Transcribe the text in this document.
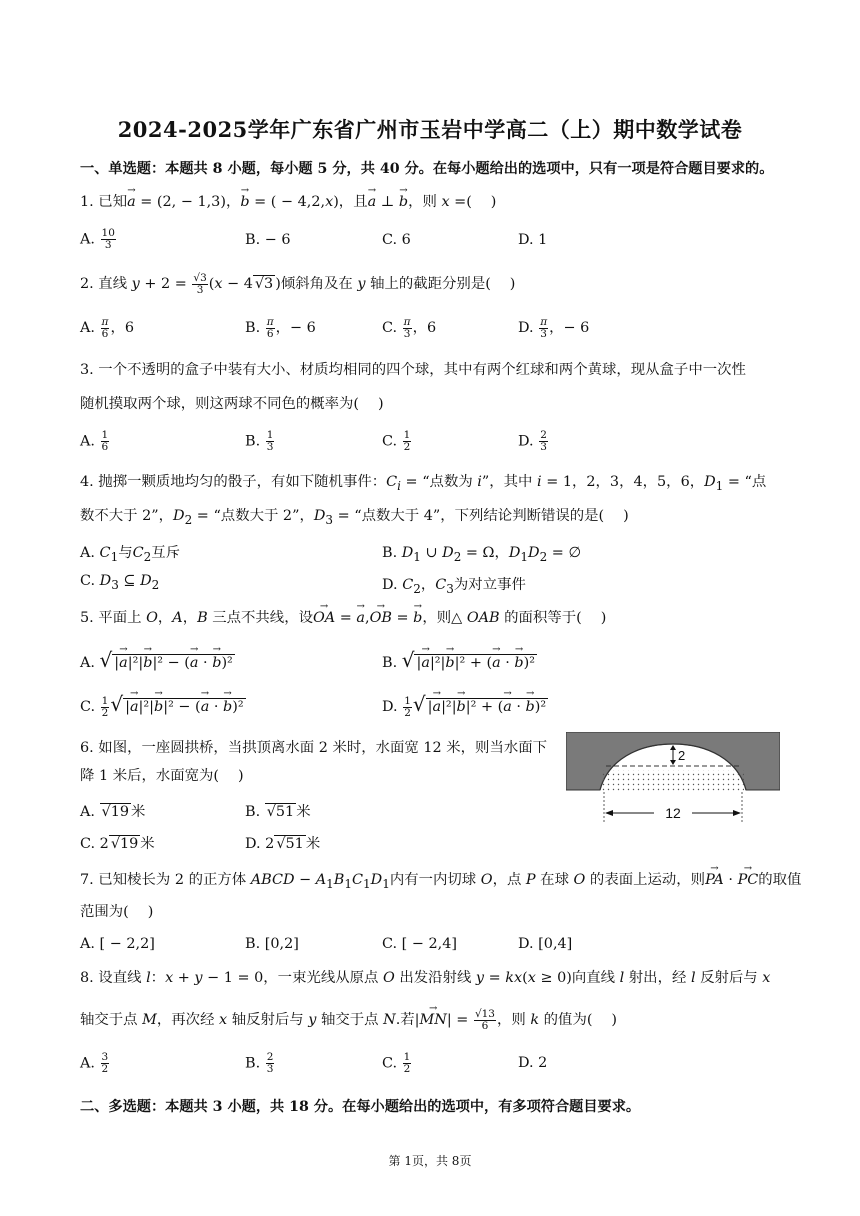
2024-2025学年广东省广州市玉岩中学高二（上）期中数学试卷
一、单选题：本题共 8 小题，每小题 5 分，共 40 分。在每小题给出的选项中，只有一项是符合题目要求的。
1. 已知→ a = (2, − 1,3)，→ b = ( − 4,2,x)，且→ a ⊥ → b，则 x =(　 )
A. $\frac{10}{3}$	B. − 6	C. 6	D. 1
2. 直线 $y + 2 = \frac{√3}{3} (x - 4$ √3 )倾斜角及在 y 轴上的截距分别是(　 )
A. $\frac{\pi}{6}$ ，6	B. $\frac{\pi}{6}$ ，− 6	C. $\frac{\pi}{3}$ ，6	D. $\frac{\pi}{3}$ ，− 6
3. 一个不透明的盒子中装有大小、材质均相同的四个球，其中有两个红球和两个黄球，现从盒子中一次性
随机摸取两个球，则这两球不同色的概率为(　 )
A. $\frac{1}{6}$	B. $\frac{1}{3}$	C. $\frac{1}{2}$	D. $\frac{2}{3}$
4. 抛掷一颗质地均匀的骰子，有如下随机事件：$C_i$ = “点数为 i”，其中 i = 1，2，3，4，5，6，$D_1$ = “点
数不大于 2”，$D_2$ = “点数大于 2”，$D_3$ = “点数大于 4”，下列结论判断错误的是(　 )
A. $C_1$与$C_2$互斥	B. $D_1$ ∪ $D_2 = \Omega$，$D_1D_2$ = ∅
C. $D_3$ ⊆ $D_2$	D. $C_2$，$C_3$为对立事件
5. 平面上 O，A，B 三点不共线，设→ OA = → a,→ OB = → b，则△ OAB 的面积等于(　 )
A. √ |→ a|²|→ b|² − (→ a · → b)²	B. √ |→ a|²|→ b|² + (→ a · → b)²
C. $\frac{1}{2}$ √ |→ a|²|→ b|² − (→ a · → b)²	D. $\frac{1}{2}$ √ |→ a|²|→ b|² + (→ a · → b)²
6. 如图，一座圆拱桥，当拱顶离水面 2 米时，水面宽 12 米，则当水面下
降 1 米后，水面宽为(　 )
A. √19 米	B. √51 米
C. 2 √19 米	D. 2 √51 米
2
12
7. 已知棱长为 2 的正方体 ABCD − $A_1B_1C_1D_1$内有一内切球 O，点 P 在球 O 的表面上运动，则→ PA · → PC的取值
范围为(　 )
A. [ − 2,2]	B. [0,2]	C. [ − 2,4]	D. [0,4]
8. 设直线 l：x + y − 1 = 0，一束光线从原点 O 出发沿射线 y = kx(x ≥ 0)向直线 l 射出，经 l 反射后与 x
轴交于点 M，再次经 x 轴反射后与 y 轴交于点 N.若|→ $MN| = \frac{√13}{6}$ ，则 k 的值为(　 )
A. $\frac{3}{2}$	B. $\frac{2}{3}$	C. $\frac{1}{2}$	D. 2
二、多选题：本题共 3 小题，共 18 分。在每小题给出的选项中，有多项符合题目要求。
第 1页，共 8页
